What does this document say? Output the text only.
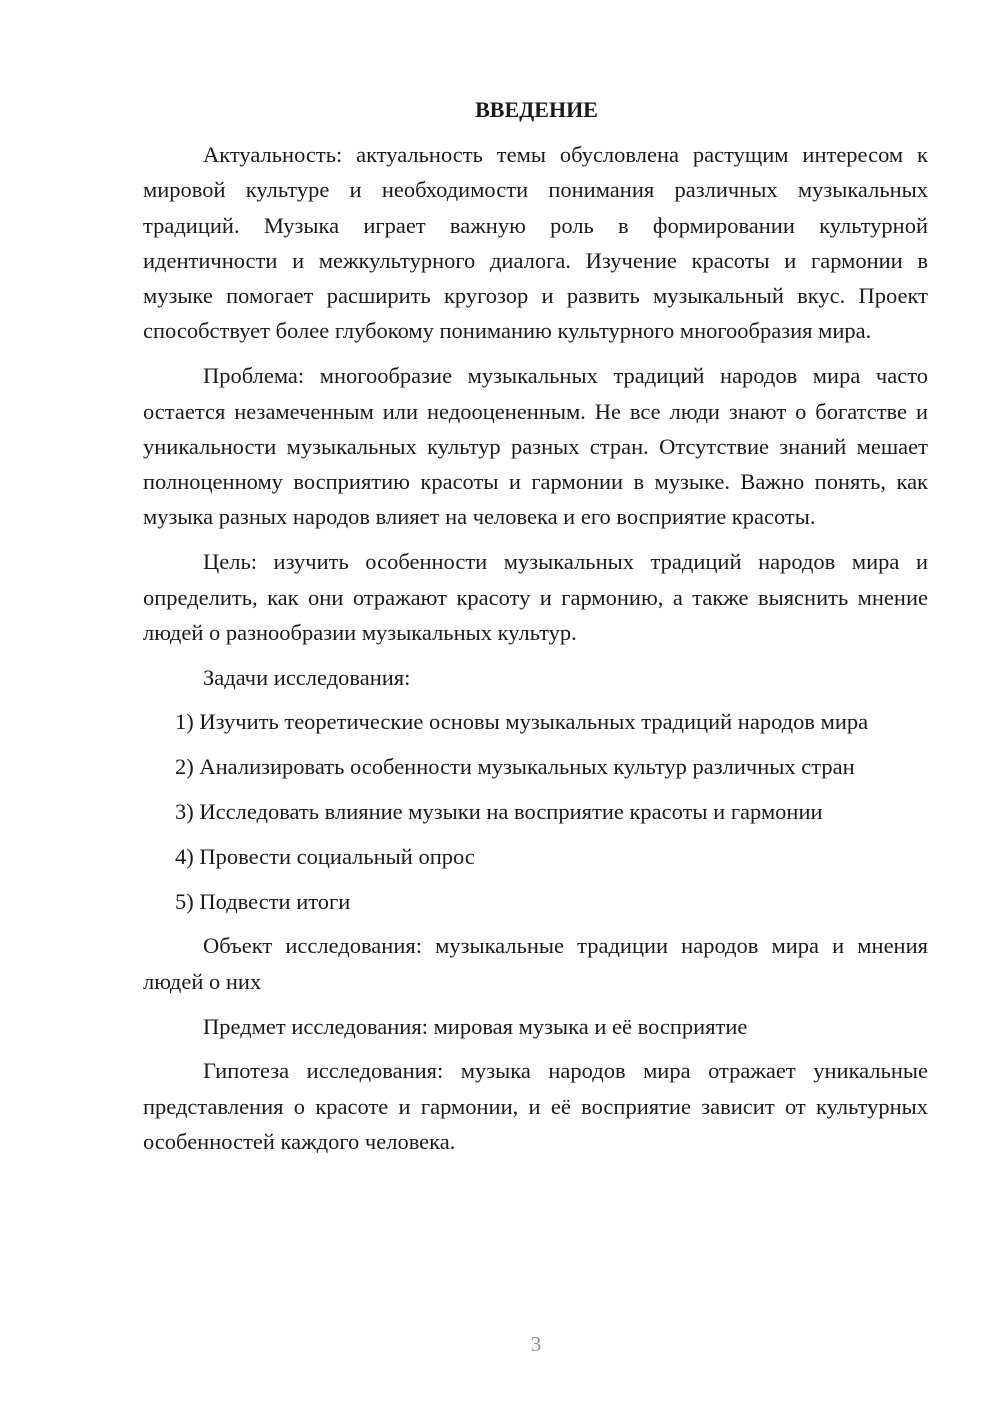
ВВЕДЕНИЕ

Актуальность: актуальность темы обусловлена растущим интересом к мировой культуре и необходимости понимания различных музыкальных традиций. Музыка играет важную роль в формировании культурной идентичности и межкультурного диалога. Изучение красоты и гармонии в музыке помогает расширить кругозор и развить музыкальный вкус. Проект способствует более глубокому пониманию культурного многообразия мира.

Проблема: многообразие музыкальных традиций народов мира часто остается незамеченным или недооцененным. Не все люди знают о богатстве и уникальности музыкальных культур разных стран. Отсутствие знаний мешает полноценному восприятию красоты и гармонии в музыке. Важно понять, как музыка разных народов влияет на человека и его восприятие красоты.

Цель: изучить особенности музыкальных традиций народов мира и определить, как они отражают красоту и гармонию, а также выяснить мнение людей о разнообразии музыкальных культур.

Задачи исследования:

1) Изучить теоретические основы музыкальных традиций народов мира

2) Анализировать особенности музыкальных культур различных стран

3) Исследовать влияние музыки на восприятие красоты и гармонии

4) Провести социальный опрос

5) Подвести итоги

Объект исследования: музыкальные традиции народов мира и мнения людей о них

Предмет исследования: мировая музыка и её восприятие

Гипотеза исследования: музыка народов мира отражает уникальные представления о красоте и гармонии, и её восприятие зависит от культурных особенностей каждого человека.

3
